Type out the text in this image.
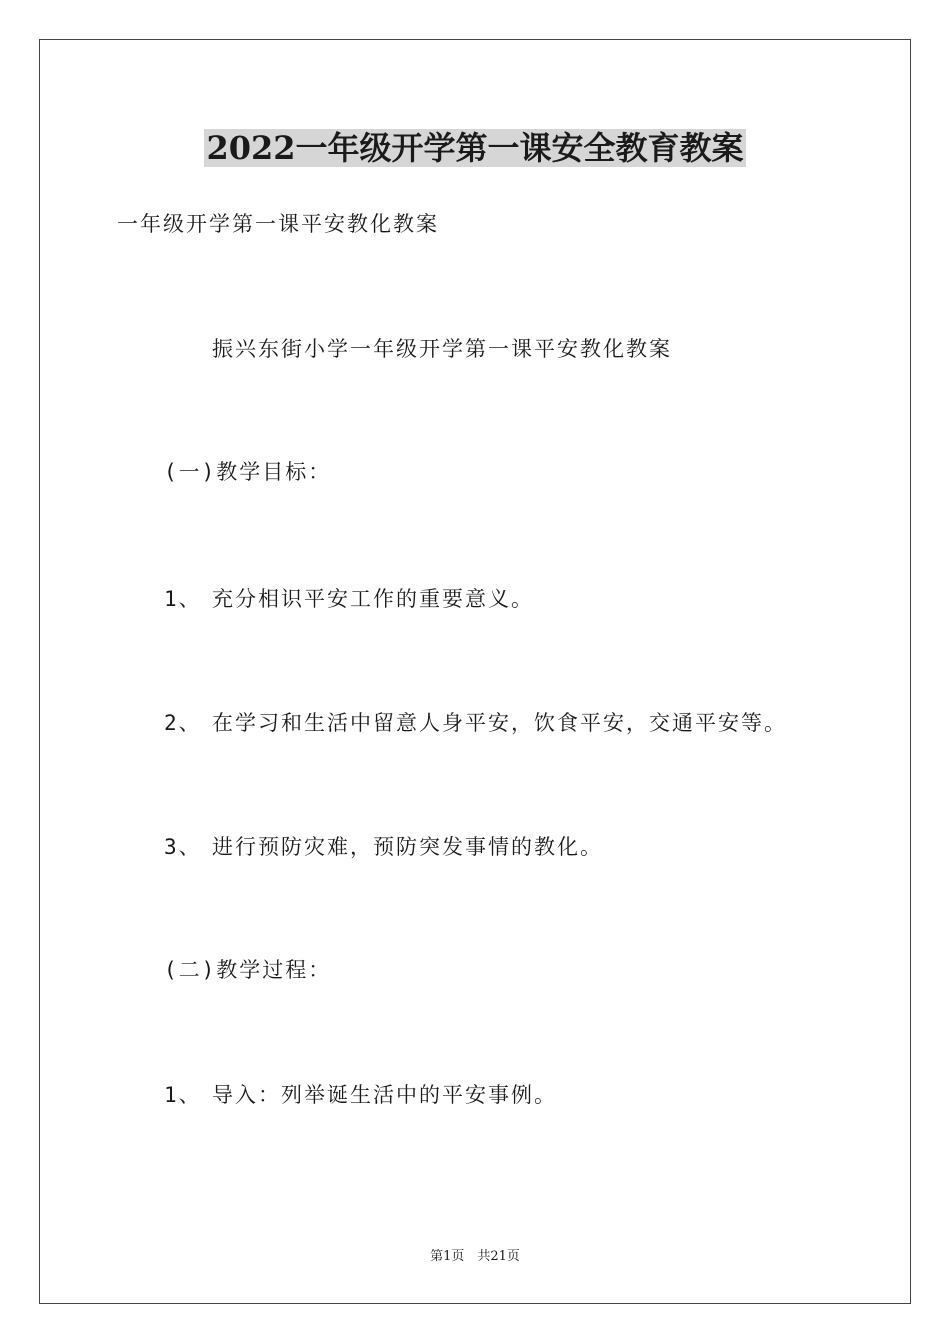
2022一年级开学第一课安全教育教案
一年级开学第一课平安教化教案
振兴东街小学一年级开学第一课平安教化教案
(一)教学目标：
1、 充分相识平安工作的重要意义。
2、 在学习和生活中留意人身平安，饮食平安，交通平安等。
3、 进行预防灾难，预防突发事情的教化。
(二)教学过程：
1、 导入：列举诞生活中的平安事例。
第1页　共21页
